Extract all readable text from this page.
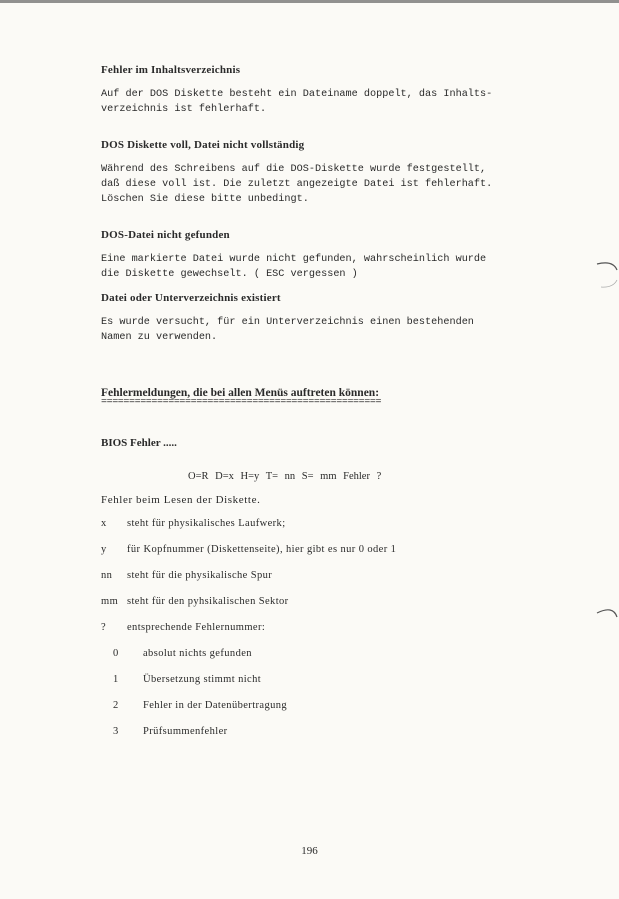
Fehler im Inhaltsverzeichnis

Auf der DOS Diskette besteht ein Dateiname doppelt, das Inhalts-
verzeichnis ist fehlerhaft.

DOS Diskette voll, Datei nicht vollständig

Während des Schreibens auf die DOS-Diskette wurde festgestellt,
daß diese voll ist. Die zuletzt angezeigte Datei ist fehlerhaft.
Löschen Sie diese bitte unbedingt.

DOS-Datei nicht gefunden

Eine markierte Datei wurde nicht gefunden, wahrscheinlich wurde
die Diskette gewechselt. ( ESC vergessen )

Datei oder Unterverzeichnis existiert

Es wurde versucht, für ein Unterverzeichnis einen bestehenden
Namen zu verwenden.

Fehlermeldungen, die bei allen Menüs auftreten können:
==================================================
BIOS Fehler .....
O=R D=x H=y T= nn S= mm Fehler ?
Fehler beim Lesen der Diskette.
x	steht für physikalisches Laufwerk;
y	für Kopfnummer (Diskettenseite), hier gibt es nur 0 oder 1
nn	steht für die physikalische Spur
mm steht für den pyhsikalischen Sektor
?	entsprechende Fehlernummer:
0	absolut nichts gefunden
1	Übersetzung stimmt nicht
2	Fehler in der Datenübertragung
3	Prüfsummenfehler
196
